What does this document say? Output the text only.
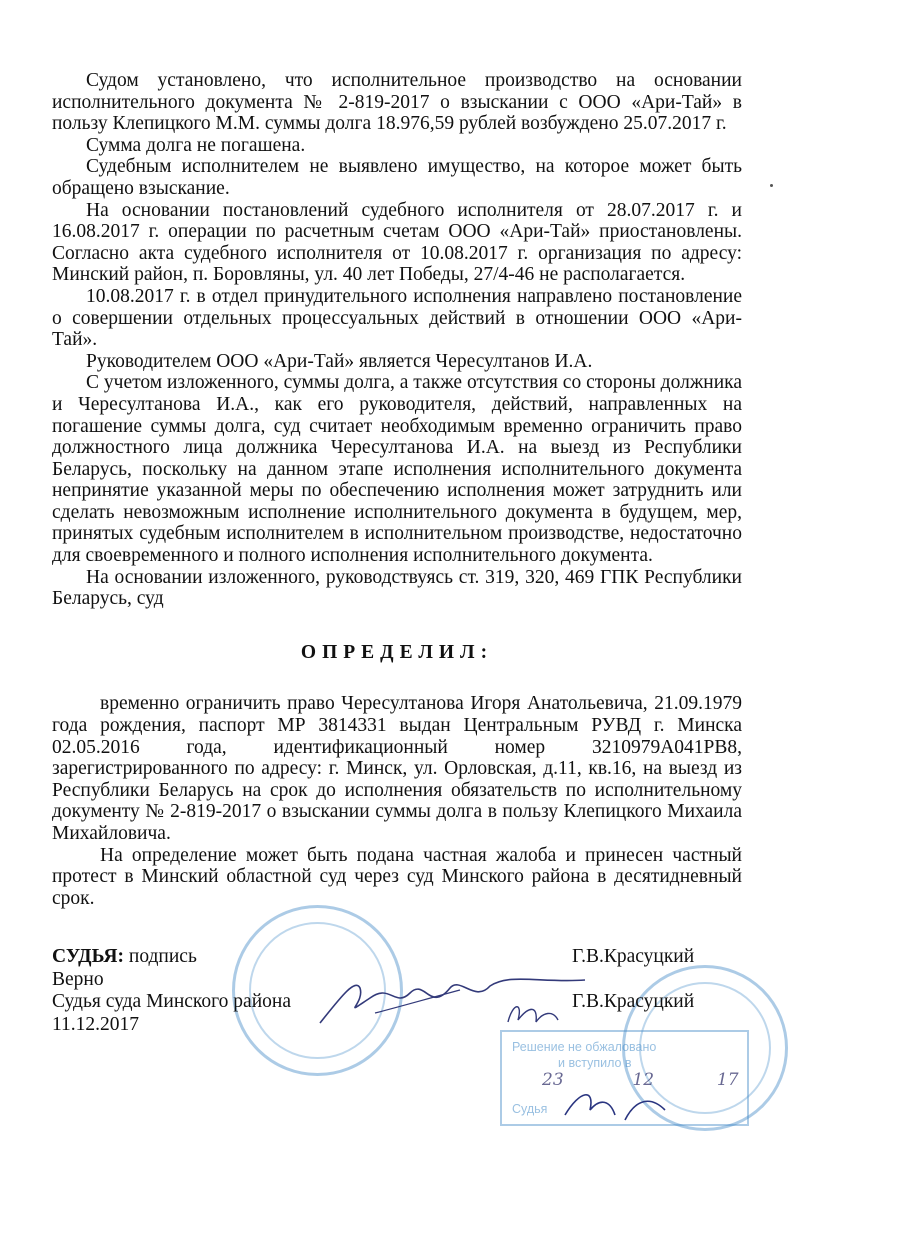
Судом установлено, что исполнительное производство на основании исполнительного документа № 2-819-2017 о взыскании с ООО «Ари-Тай» в пользу Клепицкого М.М. суммы долга 18.976,59 рублей возбуждено 25.07.2017 г.

Сумма долга не погашена.

Судебным исполнителем не выявлено имущество, на которое может быть обращено взыскание.

На основании постановлений судебного исполнителя от 28.07.2017 г. и 16.08.2017 г. операции по расчетным счетам ООО «Ари-Тай» приостановлены. Согласно акта судебного исполнителя от 10.08.2017 г. организация по адресу: Минский район, п. Боровляны, ул. 40 лет Победы, 27/4-46 не располагается.

10.08.2017 г. в отдел принудительного исполнения направлено постановление о совершении отдельных процессуальных действий в отношении ООО «Ари-Тай».

Руководителем ООО «Ари-Тай» является Чересултанов И.А.

С учетом изложенного, суммы долга, а также отсутствия со стороны должника и Чересултанова И.А., как его руководителя, действий, направленных на погашение суммы долга, суд считает необходимым временно ограничить право должностного лица должника Чересултанова И.А. на выезд из Республики Беларусь, поскольку на данном этапе исполнения исполнительного документа непринятие указанной меры по обеспечению исполнения может затруднить или сделать невозможным исполнение исполнительного документа в будущем, мер, принятых судебным исполнителем в исполнительном производстве, недостаточно для своевременного и полного исполнения исполнительного документа.

На основании изложенного, руководствуясь ст. 319, 320, 469 ГПК Республики Беларусь, суд

ОПРЕДЕЛИЛ:

временно ограничить право Чересултанова Игоря Анатольевича, 21.09.1979 года рождения, паспорт МР 3814331 выдан Центральным РУВД г. Минска 02.05.2016 года, идентификационный номер 3210979А041РВ8, зарегистрированного по адресу: г. Минск, ул. Орловская, д.11, кв.16, на выезд из Республики Беларусь на срок до исполнения обязательств по исполнительному документу № 2-819-2017 о взыскании суммы долга в пользу Клепицкого Михаила Михайловича.

На определение может быть подана частная жалоба и принесен частный протест в Минский областной суд через суд Минского района в десятидневный срок.

Решение не обжаловано
и вступило в
23	12	17
Судья
СУДЬЯ: подпись	Г.В.Красуцкий
Верно
Судья суда Минского района	Г.В.Красуцкий
11.12.2017
